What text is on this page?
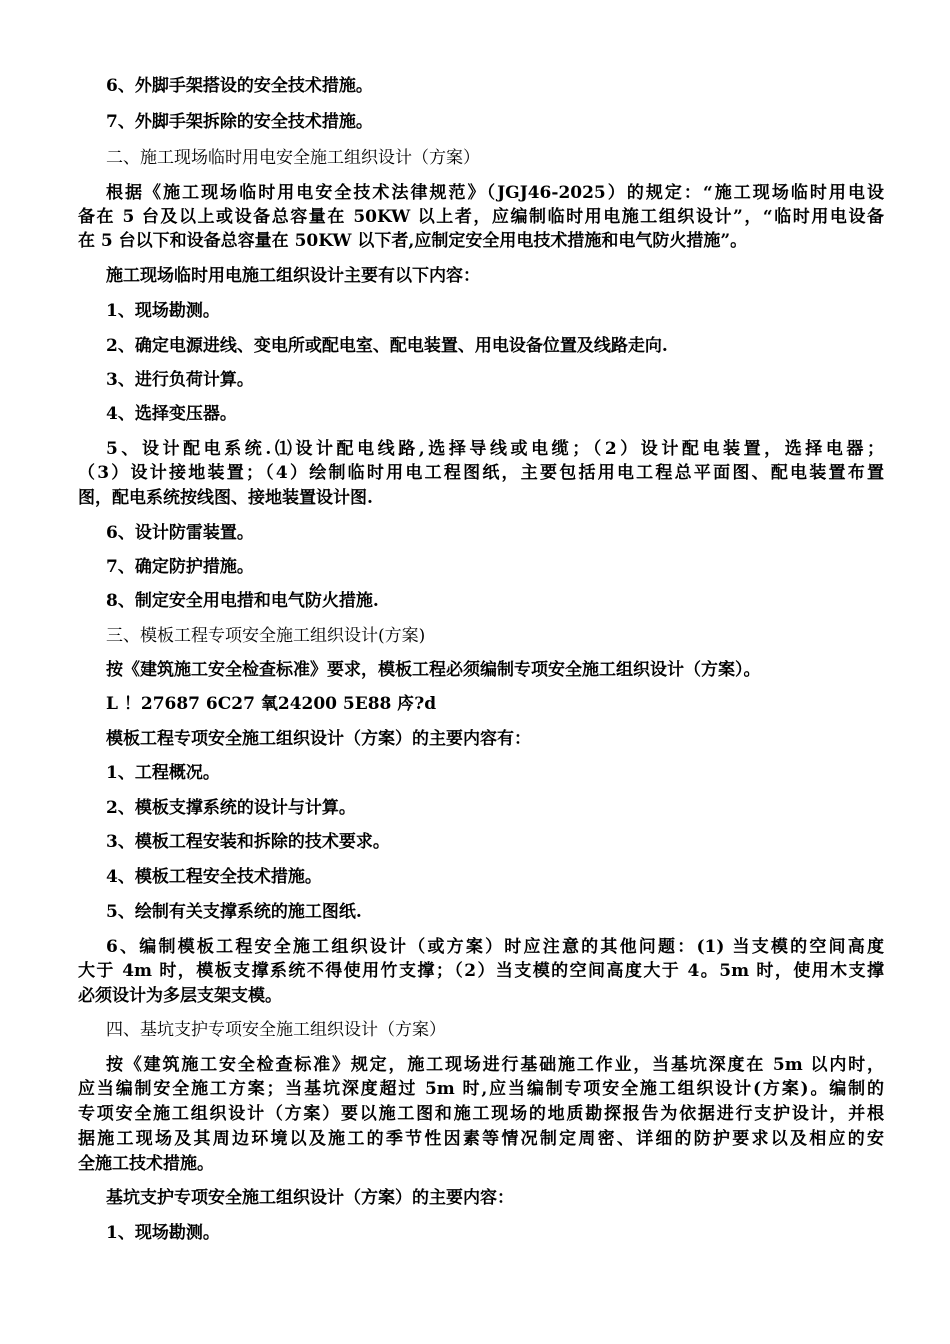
6、外脚手架搭设的安全技术措施。
7、外脚手架拆除的安全技术措施。
二、施工现场临时用电安全施工组织设计（方案）
根据《施工现场临时用电安全技术法律规范》（JGJ46-2025）的规定：“施工现场临时用电设
备在 5 台及以上或设备总容量在 50KW 以上者，应编制临时用电施工组织设计”，“临时用电设备
在 5 台以下和设备总容量在 50KW 以下者,应制定安全用电技术措施和电气防火措施”。
施工现场临时用电施工组织设计主要有以下内容：
1、现场勘测。
2、确定电源进线、变电所或配电室、配电装置、用电设备位置及线路走向.
3、进行负荷计算。
4、选择变压器。
5、设计配电系统.⑴设计配电线路,选择导线或电缆；（2）设计配电装置，选择电器；
（3）设计接地装置；（4）绘制临时用电工程图纸，主要包括用电工程总平面图、配电装置布置
图，配电系统按线图、接地装置设计图.
6、设计防雷装置。
7、确定防护措施。
8、制定安全用电措和电气防火措施.
三、模板工程专项安全施工组织设计(方案)
按《建筑施工安全检查标准》要求，模板工程必须编制专项安全施工组织设计（方案）。
L ！27687 6C27 氧24200 5E88 庈?d
模板工程专项安全施工组织设计（方案）的主要内容有：
1、工程概况。
2、模板支撑系统的设计与计算。
3、模板工程安装和拆除的技术要求。
4、模板工程安全技术措施。
5、绘制有关支撑系统的施工图纸.
6、编制模板工程安全施工组织设计（或方案）时应注意的其他问题：(1) 当支模的空间高度
大于 4m 时，模板支撑系统不得使用竹支撑；（2）当支模的空间高度大于 4。5m 时，使用木支撑
必须设计为多层支架支模。
四、基坑支护专项安全施工组织设计（方案）
按《建筑施工安全检查标准》规定，施工现场进行基础施工作业，当基坑深度在 5m 以内时，
应当编制安全施工方案；当基坑深度超过 5m 时,应当编制专项安全施工组织设计(方案)。编制的
专项安全施工组织设计（方案）要以施工图和施工现场的地质勘探报告为依据进行支护设计，并根
据施工现场及其周边环境以及施工的季节性因素等情况制定周密、详细的防护要求以及相应的安
全施工技术措施。
基坑支护专项安全施工组织设计（方案）的主要内容：
1、现场勘测。
